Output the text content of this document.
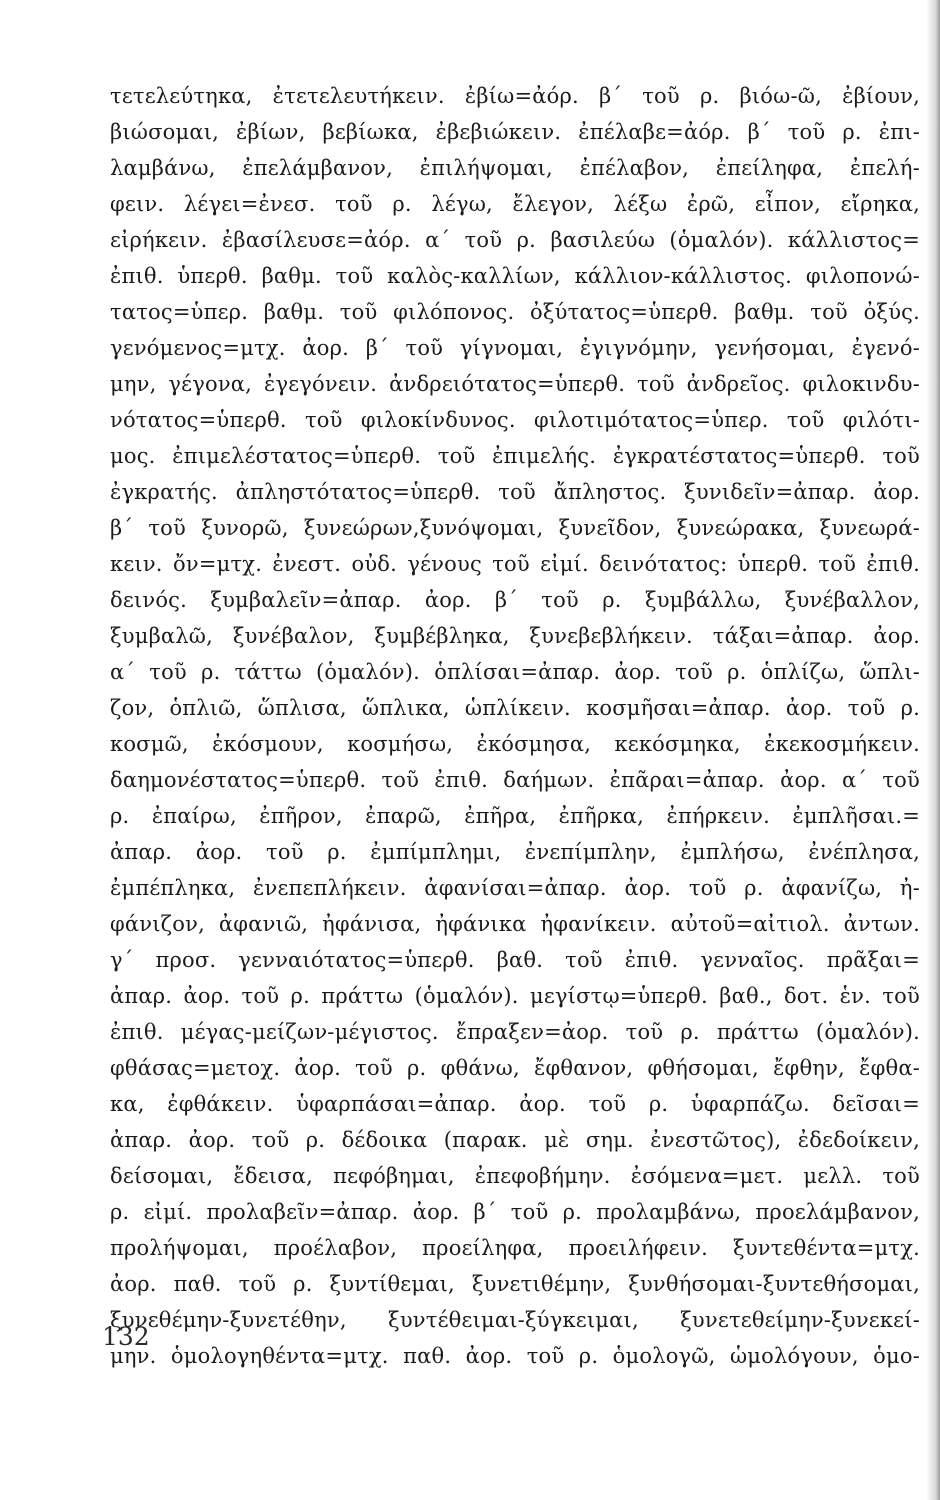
τετελεύτηκα, ἐτετελευτήκειν. ἐβίω=ἀόρ. β΄ τοῦ ρ. βιόω-ῶ, ἐβίουν,
βιώσομαι, ἐβίων, βεβίωκα, ἐβεβιώκειν. ἐπέλαβε=ἀόρ. β΄ τοῦ ρ. ἐπι-
λαμβάνω, ἐπελάμβανον, ἐπιλήψομαι, ἐπέλαβον, ἐπείληφα, ἐπελή-
φειν. λέγει=ἐνεσ. τοῦ ρ. λέγω, ἔλεγον, λέξω ἐρῶ, εἶπον, εἴρηκα,
εἰρήκειν. ἐβασίλευσε=ἀόρ. α΄ τοῦ ρ. βασιλεύω (ὁμαλόν). κάλλιστος=
ἐπιθ. ὑπερθ. βαθμ. τοῦ καλὸς-καλλίων, κάλλιον-κάλλιστος. φιλοπονώ-
τατος=ὑπερ. βαθμ. τοῦ φιλόπονος. ὀξύτατος=ὑπερθ. βαθμ. τοῦ ὀξύς.
γενόμενος=μτχ. ἀορ. β΄ τοῦ γίγνομαι, ἐγιγνόμην, γενήσομαι, ἐγενό-
μην, γέγονα, ἐγεγόνειν. ἀνδρειότατος=ὑπερθ. τοῦ ἀνδρεῖος. φιλοκινδυ-
νότατος=ὑπερθ. τοῦ φιλοκίνδυνος. φιλοτιμότατος=ὑπερ. τοῦ φιλότι-
μος. ἐπιμελέστατος=ὑπερθ. τοῦ ἐπιμελής. ἐγκρατέστατος=ὑπερθ. τοῦ
ἐγκρατής. ἀπληστότατος=ὑπερθ. τοῦ ἄπληστος. ξυνιδεῖν=ἀπαρ. ἀορ.
β΄ τοῦ ξυνορῶ, ξυνεώρων,ξυνόψομαι, ξυνεῖδον, ξυνεώρακα, ξυνεωρά-
κειν. ὄν=μτχ. ἐνεστ. οὐδ. γένους τοῦ εἰμί. δεινότατος: ὑπερθ. τοῦ ἐπιθ.
δεινός. ξυμβαλεῖν=ἀπαρ. ἀορ. β΄ τοῦ ρ. ξυμβάλλω, ξυνέβαλλον,
ξυμβαλῶ, ξυνέβαλον, ξυμβέβληκα, ξυνεβεβλήκειν. τάξαι=ἀπαρ. ἀορ.
α΄ τοῦ ρ. τάττω (ὁμαλόν). ὁπλίσαι=ἀπαρ. ἀορ. τοῦ ρ. ὁπλίζω, ὥπλι-
ζον, ὁπλιῶ, ὥπλισα, ὥπλικα, ὡπλίκειν. κοσμῆσαι=ἀπαρ. ἀορ. τοῦ ρ.
κοσμῶ, ἐκόσμουν, κοσμήσω, ἐκόσμησα, κεκόσμηκα, ἐκεκοσμήκειν.
δαημονέστατος=ὑπερθ. τοῦ ἐπιθ. δαήμων. ἐπᾶραι=ἀπαρ. ἀορ. α΄ τοῦ
ρ. ἐπαίρω, ἐπῆρον, ἐπαρῶ, ἐπῆρα, ἐπῆρκα, ἐπήρκειν. ἐμπλῆσαι.=
ἀπαρ. ἀορ. τοῦ ρ. ἐμπίμπλημι, ἐνεπίμπλην, ἐμπλήσω, ἐνέπλησα,
ἐμπέπληκα, ἐνεπεπλήκειν. ἀφανίσαι=ἀπαρ. ἀορ. τοῦ ρ. ἀφανίζω, ἠ-
φάνιζον, ἀφανιῶ, ἠφάνισα, ἠφάνικα ἠφανίκειν. αὐτοῦ=αἰτιολ. ἀντων.
γ΄ προσ. γενναιότατος=ὑπερθ. βαθ. τοῦ ἐπιθ. γενναῖος. πρᾶξαι=
ἀπαρ. ἀορ. τοῦ ρ. πράττω (ὁμαλόν). μεγίστῳ=ὑπερθ. βαθ., δοτ. ἑν. τοῦ
ἐπιθ. μέγας-μείζων-μέγιστος. ἔπραξεν=ἀορ. τοῦ ρ. πράττω (ὁμαλόν).
φθάσας=μετοχ. ἀορ. τοῦ ρ. φθάνω, ἔφθανον, φθήσομαι, ἔφθην, ἔφθα-
κα, ἐφθάκειν. ὑφαρπάσαι=ἀπαρ. ἀορ. τοῦ ρ. ὑφαρπάζω. δεῖσαι=
ἀπαρ. ἀορ. τοῦ ρ. δέδοικα (παρακ. μὲ σημ. ἐνεστῶτος), ἐδεδοίκειν,
δείσομαι, ἔδεισα, πεφόβημαι, ἐπεφοβήμην. ἐσόμενα=μετ. μελλ. τοῦ
ρ. εἰμί. προλαβεῖν=ἀπαρ. ἀορ. β΄ τοῦ ρ. προλαμβάνω, προελάμβανον,
προλήψομαι, προέλαβον, προείληφα, προειλήφειν. ξυντεθέντα=μτχ.
ἀορ. παθ. τοῦ ρ. ξυντίθεμαι, ξυνετιθέμην, ξυνθήσομαι-ξυντεθήσομαι,
ξυνεθέμην-ξυνετέθην, ξυντέθειμαι-ξύγκειμαι, ξυνετεθείμην-ξυνεκεί-
μην. ὁμολογηθέντα=μτχ. παθ. ἀορ. τοῦ ρ. ὁμολογῶ, ὡμολόγουν, ὁμο-
132
